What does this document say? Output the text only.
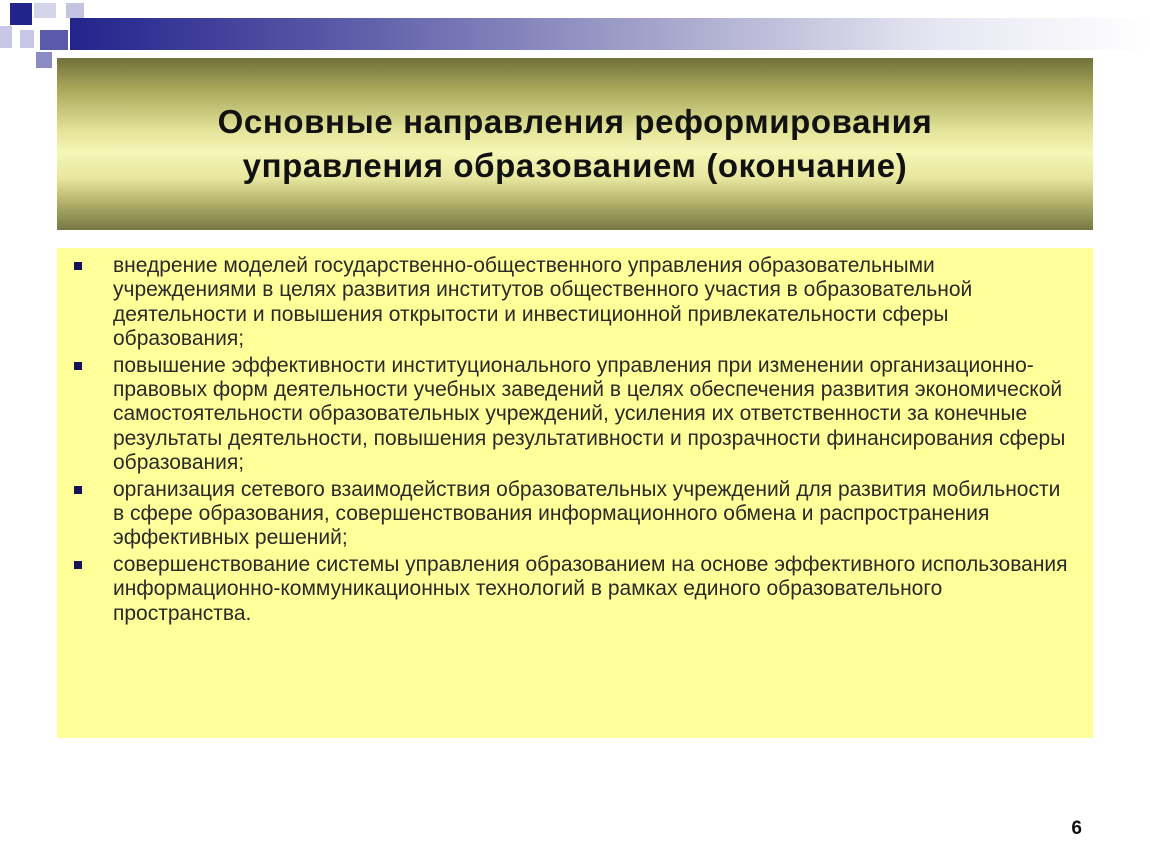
Основные направления реформирования
управления образованием (окончание)
внедрение моделей государственно-общественного управления образовательными учреждениями в целях развития институтов общественного участия в образовательной деятельности и повышения открытости и инвестиционной привлекательности сферы образования;
повышение эффективности институционального управления при изменении организационно-правовых форм деятельности учебных заведений в целях обеспечения развития экономической самостоятельности образовательных учреждений, усиления их ответственности за конечные результаты деятельности, повышения результативности и прозрачности финансирования сферы образования;
организация сетевого взаимодействия образовательных учреждений для развития мобильности в сфере образования, совершенствования информационного обмена и распространения эффективных решений;
совершенствование системы управления образованием на основе эффективного использования информационно-коммуникационных технологий в рамках единого образовательного пространства.
6
